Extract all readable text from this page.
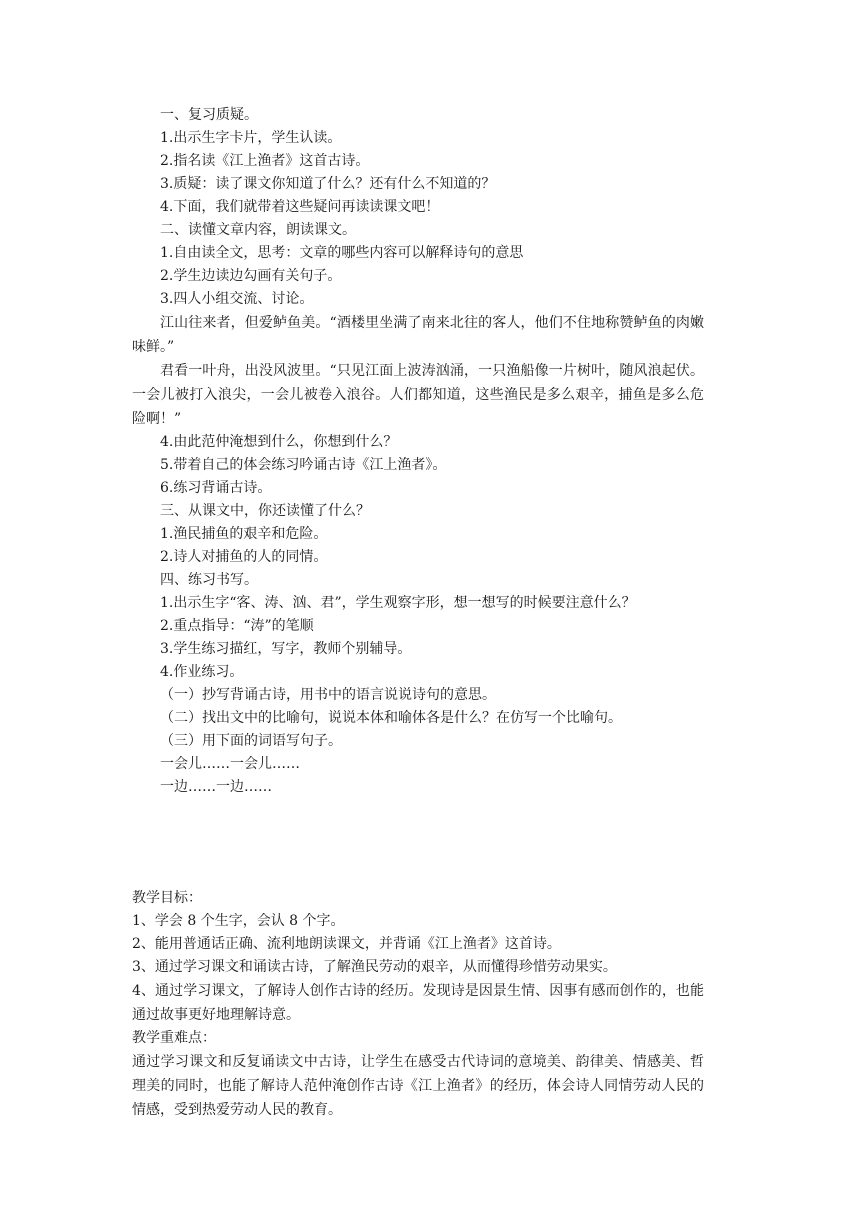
一、复习质疑。
1.出示生字卡片，学生认读。
2.指名读《江上渔者》这首古诗。
3.质疑：读了课文你知道了什么？还有什么不知道的？
4.下面，我们就带着这些疑问再读读课文吧！
二、读懂文章内容，朗读课文。
1.自由读全文，思考：文章的哪些内容可以解释诗句的意思
2.学生边读边勾画有关句子。
3.四人小组交流、讨论。

江山往来者，但爱鲈鱼美。“酒楼里坐满了南来北往的客人，他们不住地称赞鲈鱼的肉嫩味鲜。”

君看一叶舟，出没风波里。“只见江面上波涛汹涌，一只渔船像一片树叶，随风浪起伏。一会儿被打入浪尖，一会儿被卷入浪谷。人们都知道，这些渔民是多么艰辛，捕鱼是多么危险啊！”

4.由此范仲淹想到什么，你想到什么？
5.带着自己的体会练习吟诵古诗《江上渔者》。
6.练习背诵古诗。
三、从课文中，你还读懂了什么？
1.渔民捕鱼的艰辛和危险。
2.诗人对捕鱼的人的同情。
四、练习书写。
1.出示生字“客、涛、汹、君”，学生观察字形，想一想写的时候要注意什么？
2.重点指导：“涛”的笔顺
3.学生练习描红，写字，教师个别辅导。
4.作业练习。
（一）抄写背诵古诗，用书中的语言说说诗句的意思。
（二）找出文中的比喻句，说说本体和喻体各是什么？在仿写一个比喻句。
（三）用下面的词语写句子。
一会儿……一会儿……
一边……一边……
教学目标：
1、学会 8 个生字，会认 8 个字。
2、能用普通话正确、流利地朗读课文，并背诵《江上渔者》这首诗。
3、通过学习课文和诵读古诗，了解渔民劳动的艰辛，从而懂得珍惜劳动果实。

4、通过学习课文，了解诗人创作古诗的经历。发现诗是因景生情、因事有感而创作的，也能通过故事更好地理解诗意。

教学重难点：

通过学习课文和反复诵读文中古诗，让学生在感受古代诗词的意境美、韵律美、情感美、哲理美的同时，也能了解诗人范仲淹创作古诗《江上渔者》的经历，体会诗人同情劳动人民的情感，受到热爱劳动人民的教育。
